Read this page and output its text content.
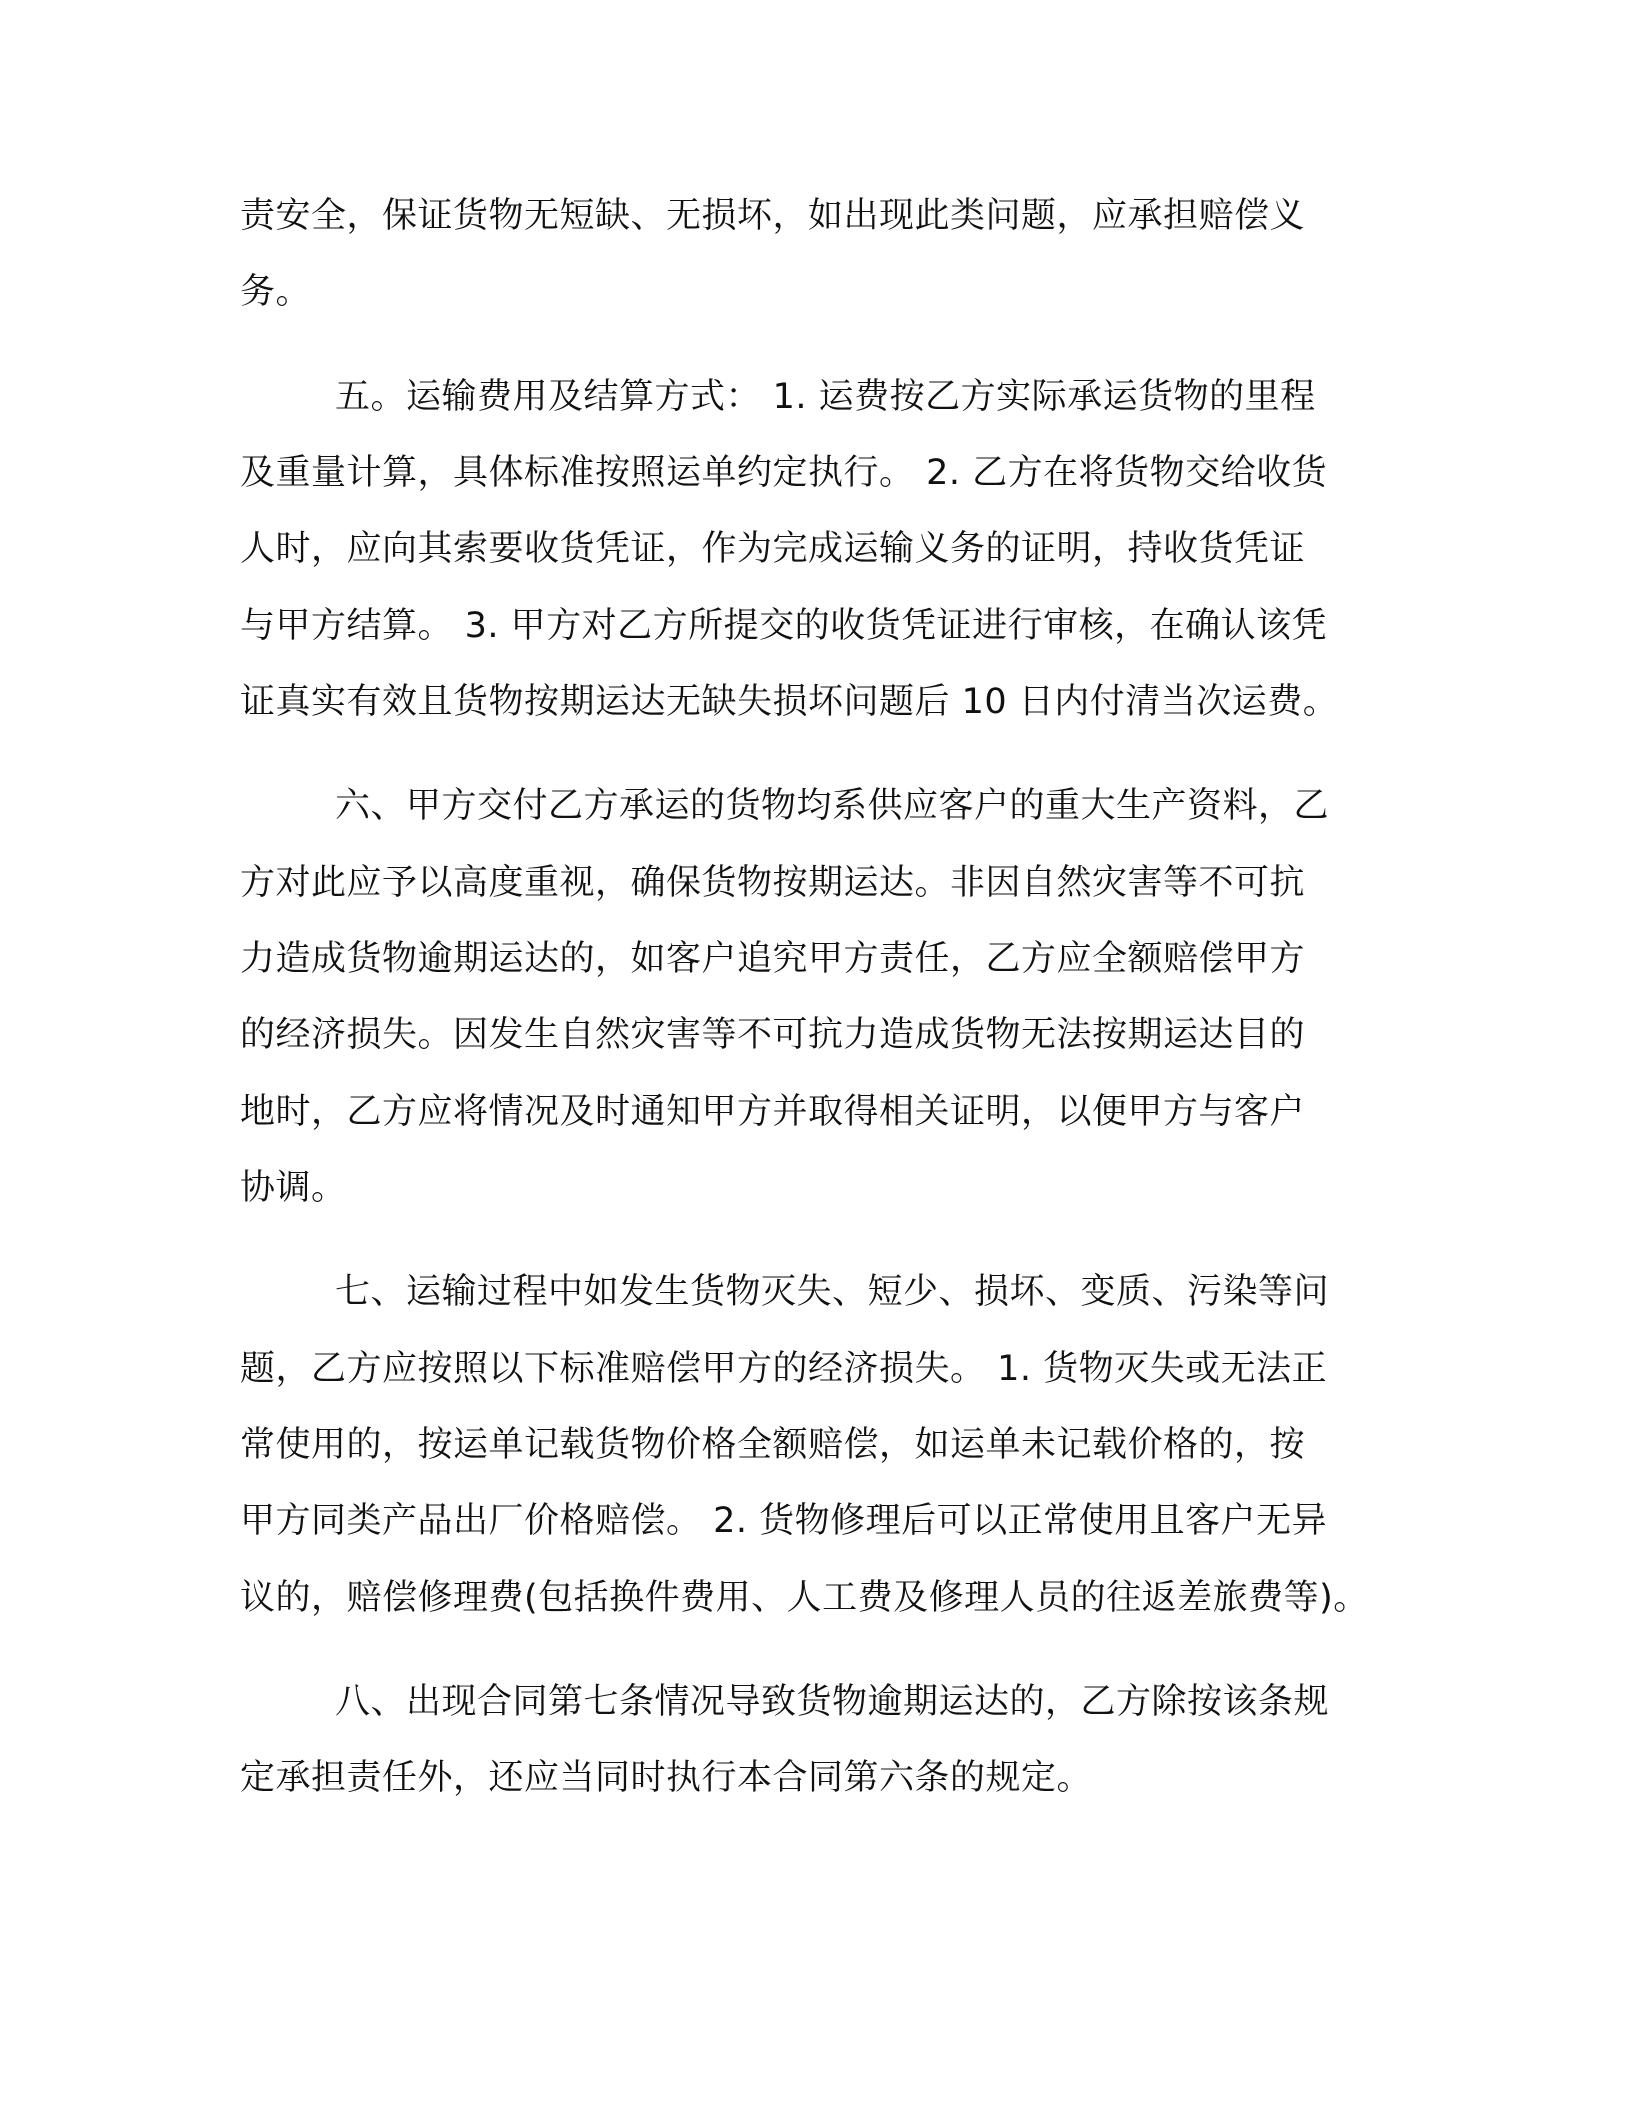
责安全，保证货物无短缺、无损坏，如出现此类问题，应承担赔偿义
务。
五。运输费用及结算方式： 1. 运费按乙方实际承运货物的里程
及重量计算，具体标准按照运单约定执行。 2. 乙方在将货物交给收货
人时，应向其索要收货凭证，作为完成运输义务的证明，持收货凭证
与甲方结算。 3. 甲方对乙方所提交的收货凭证进行审核，在确认该凭
证真实有效且货物按期运达无缺失损坏问题后 10 日内付清当次运费。
六、甲方交付乙方承运的货物均系供应客户的重大生产资料，乙
方对此应予以高度重视，确保货物按期运达。非因自然灾害等不可抗
力造成货物逾期运达的，如客户追究甲方责任，乙方应全额赔偿甲方
的经济损失。因发生自然灾害等不可抗力造成货物无法按期运达目的
地时，乙方应将情况及时通知甲方并取得相关证明，以便甲方与客户
协调。
七、运输过程中如发生货物灭失、短少、损坏、变质、污染等问
题，乙方应按照以下标准赔偿甲方的经济损失。 1. 货物灭失或无法正
常使用的，按运单记载货物价格全额赔偿，如运单未记载价格的，按
甲方同类产品出厂价格赔偿。 2. 货物修理后可以正常使用且客户无异
议的，赔偿修理费(包括换件费用、人工费及修理人员的往返差旅费等)。
八、出现合同第七条情况导致货物逾期运达的，乙方除按该条规
定承担责任外，还应当同时执行本合同第六条的规定。
